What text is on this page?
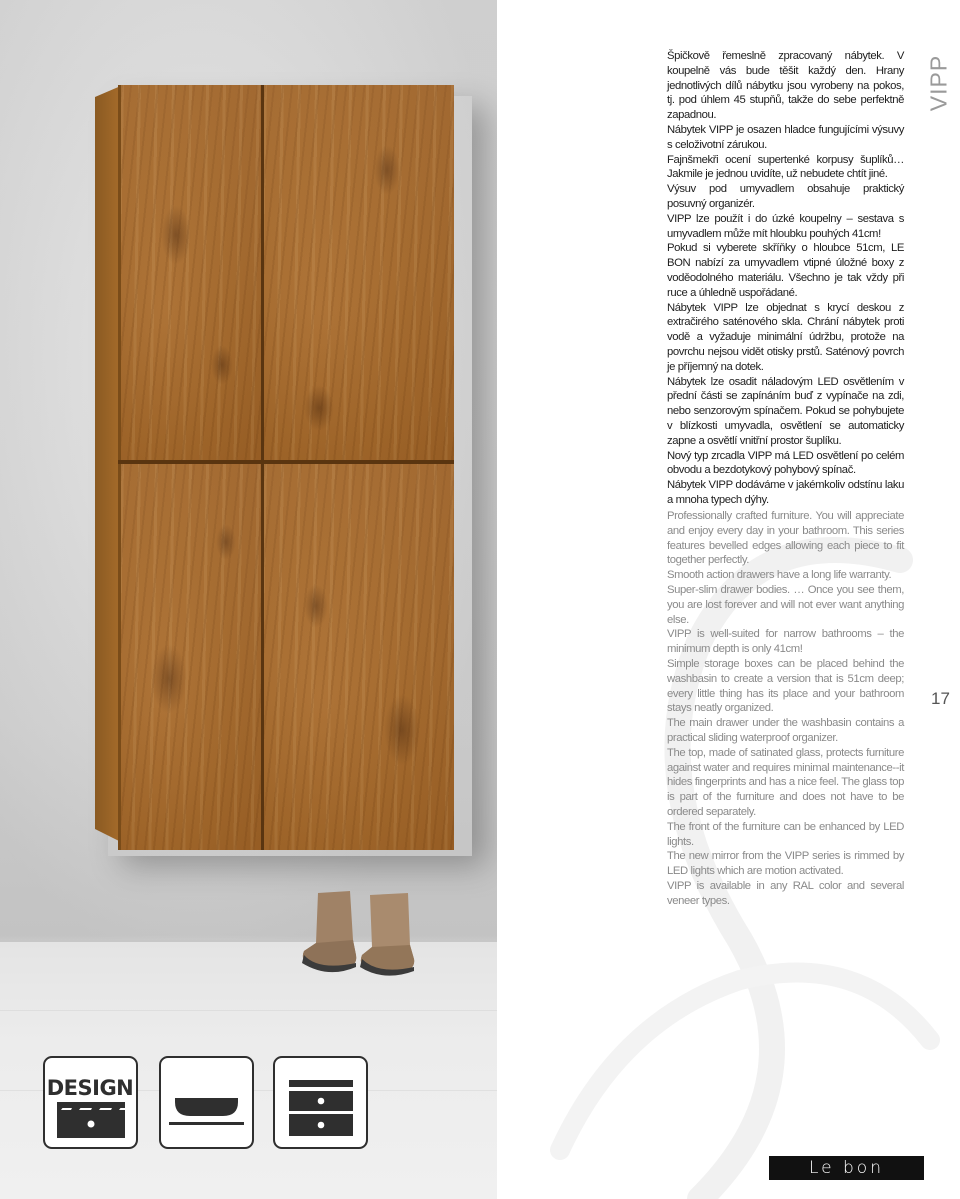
DESIGN

Špičkově řemeslně zpracovaný nábytek. V koupelně vás bude těšit každý den. Hrany jednotlivých dílů nábytku jsou vyrobeny na pokos, tj. pod úhlem 45 stupňů, takže do sebe perfektně zapadnou.

Nábytek VIPP je osazen hladce fungujícími výsuvy s celoživotní zárukou.

Fajnšmekři ocení supertenké korpusy šuplíků… Jakmile je jednou uvidíte, už nebudete chtít jiné.

Výsuv pod umyvadlem obsahuje praktický posuvný organizér.

VIPP lze použít i do úzké koupelny – sestava s umyvadlem může mít hloubku pouhých 41cm!

Pokud si vyberete skříňky o hloubce 51cm, LE BON nabízí za umyvadlem vtipné úložné boxy z voděodolného materiálu. Všechno je tak vždy při ruce a úhledně uspořádané.

Nábytek VIPP lze objednat s krycí deskou z extračirého saténového skla. Chrání nábytek proti vodě a vyžaduje minimální údržbu, protože na povrchu nejsou vidět otisky prstů. Saténový povrch je příjemný na dotek.

Nábytek lze osadit náladovým LED osvětlením v přední části se zapínáním buď z vypínače na zdi, nebo senzorovým spínačem. Pokud se pohybujete v blízkosti umyvadla, osvětlení se automaticky zapne a osvětlí vnitřní prostor šuplíku.

Nový typ zrcadla VIPP má LED osvětlení po celém obvodu a bezdotykový pohybový spínač.

Nábytek VIPP dodáváme v jakémkoliv odstínu laku a mnoha typech dýhy.

Professionally crafted furniture. You will appreciate and enjoy every day in your bathroom. This series features bevelled edges allowing each piece to fit together perfectly.

Smooth action drawers have a long life warranty.

Super-slim drawer bodies. … Once you see them, you are lost forever and will not ever want anything else.

VIPP is well-suited for narrow bathrooms – the minimum depth is only 41cm!

Simple storage boxes can be placed behind the washbasin to create a version that is 51cm deep; every little thing has its place and your bathroom stays neatly organized.

The main drawer under the washbasin contains a practical sliding waterproof organizer.

The top, made of satinated glass, protects furniture against water and requires minimal maintenance--it hides fingerprints and has a nice feel. The glass top is part of the furniture and does not have to be ordered separately.

The front of the furniture can be enhanced by LED lights.

The new mirror from the VIPP series is rimmed by LED lights which are motion activated.

VIPP is available in any RAL color and several veneer types.

VIPP
17
Le bon
